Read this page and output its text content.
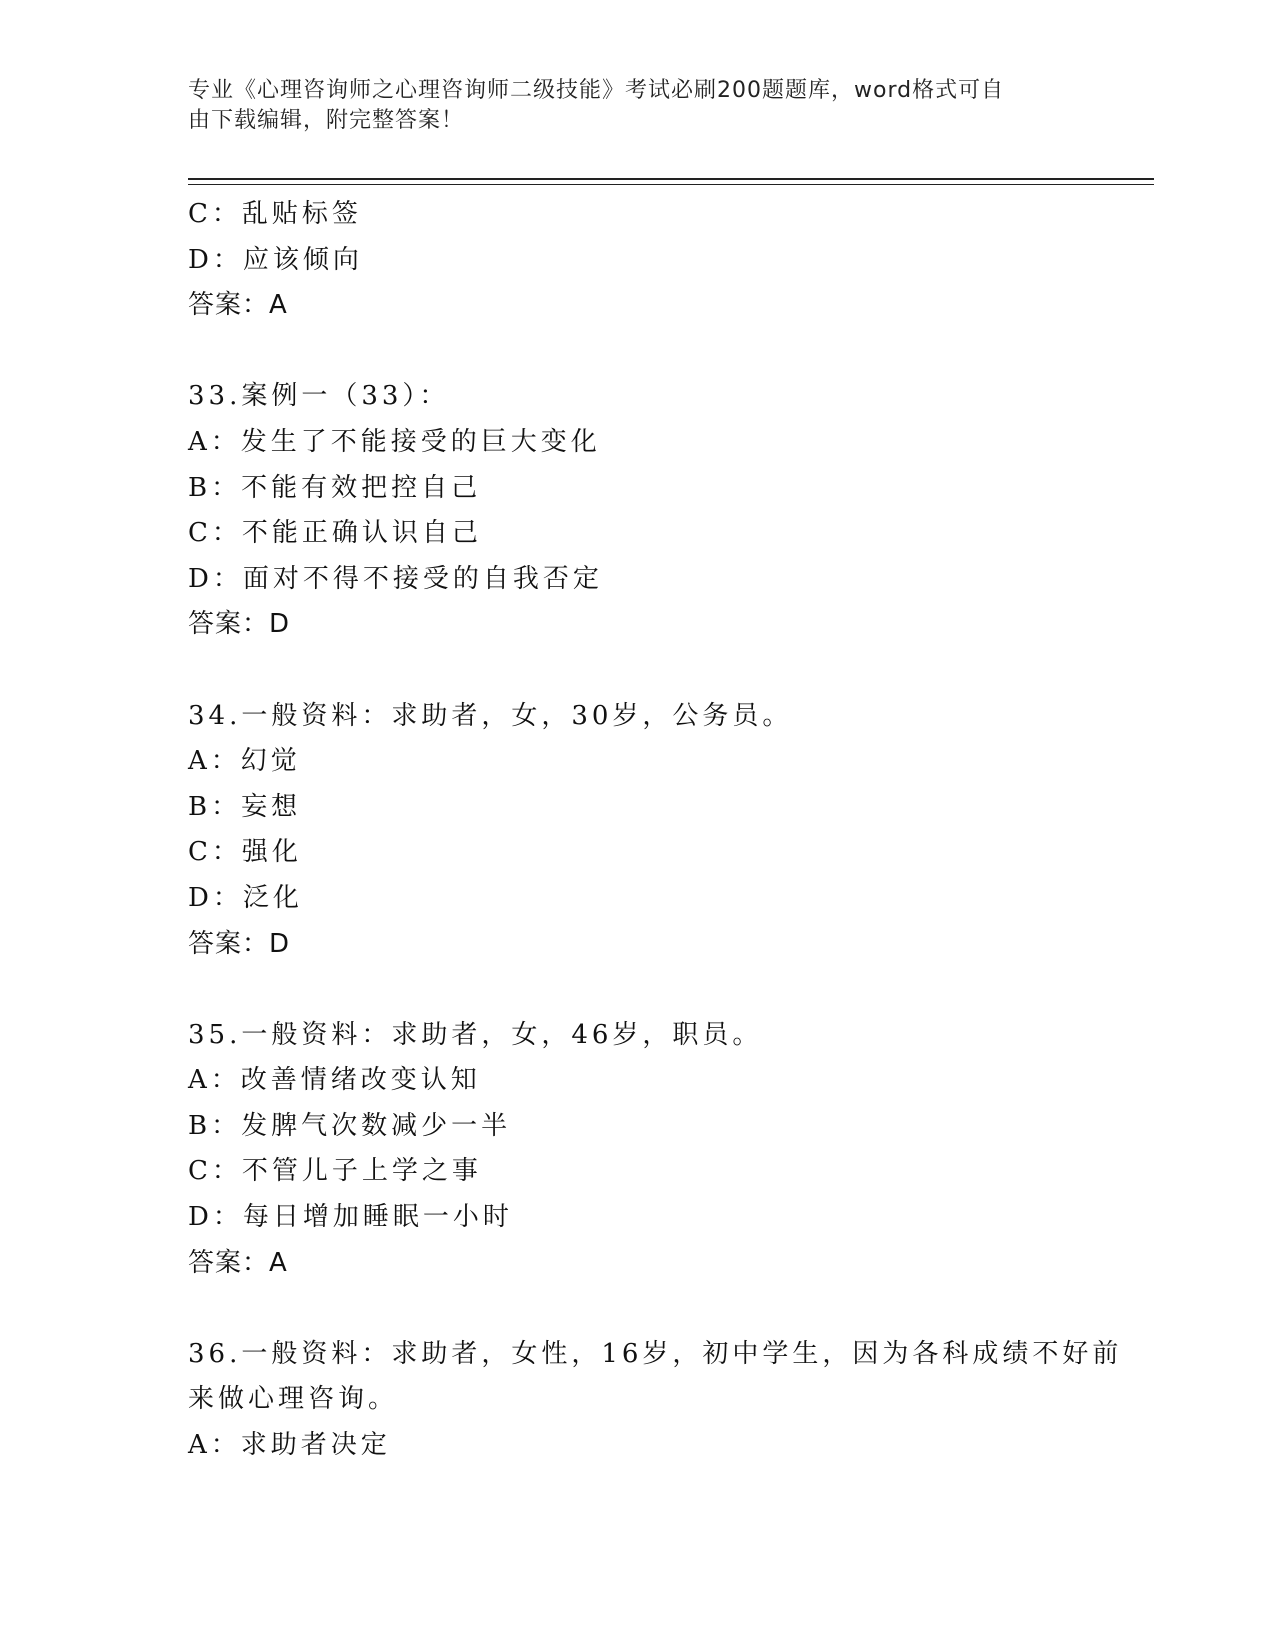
专业《心理咨询师之心理咨询师二级技能》考试必刷200题题库，word格式可自
由下载编辑，附完整答案！
C：乱贴标签
D：应该倾向
答案：A
33.案例一（33）：
A：发生了不能接受的巨大变化
B：不能有效把控自己
C：不能正确认识自己
D：面对不得不接受的自我否定
答案：D
34.一般资料：求助者，女，30岁，公务员。
A：幻觉
B：妄想
C：强化
D：泛化
答案：D
35.一般资料：求助者，女，46岁，职员。
A：改善情绪改变认知
B：发脾气次数减少一半
C：不管儿子上学之事
D：每日增加睡眠一小时
答案：A
36.一般资料：求助者，女性，16岁，初中学生，因为各科成绩不好前
来做心理咨询。
A：求助者决定
